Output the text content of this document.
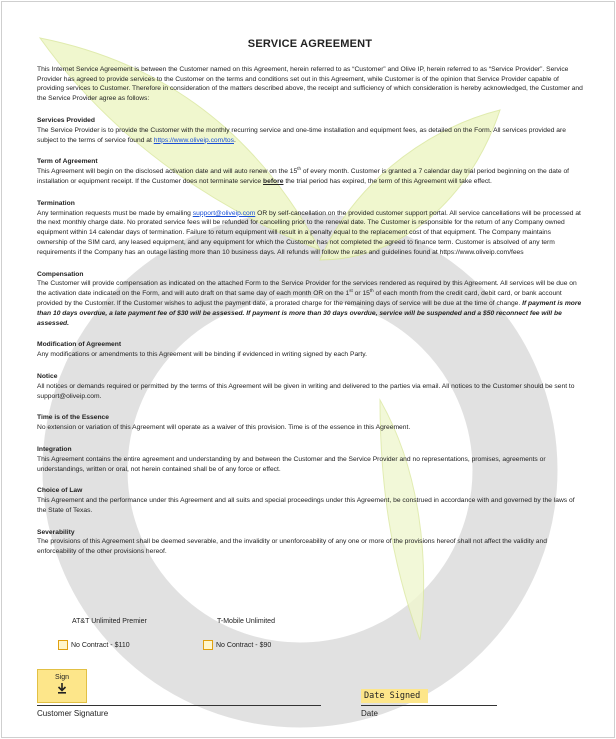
SERVICE AGREEMENT

This Internet Service Agreement is between the Customer named on this Agreement, herein referred to as “Customer” and Olive IP, herein referred to as “Service Provider”. Service Provider has agreed to provide services to the Customer on the terms and conditions set out in this Agreement, while Customer is of the opinion that Service Provider capable of providing services to Customer. Therefore in consideration of the matters described above, the receipt and sufficiency of which consideration is hereby acknowledged, the Customer and the Service Provider agree as follows:

Services Provided

The Service Provider is to provide the Customer with the monthly recurring service and one-time installation and equipment fees, as detailed on the Form. All services provided are subject to the terms of service found at https://www.oliveip.com/tos.

Term of Agreement

This Agreement will begin on the disclosed activation date and will auto renew on the 15th of every month. Customer is granted a 7 calendar day trial period beginning on the date of installation or equipment receipt. If the Customer does not terminate service before the trial period has expired, the term of this Agreement will take effect.

Termination

Any termination requests must be made by emailing support@oliveip.com OR by self-cancellation on the provided customer support portal. All service cancellations will be processed at the next monthly charge date. No prorated service fees will be refunded for cancelling prior to the renewal date. The Customer is responsible for the return of any Company owned equipment within 14 calendar days of termination. Failure to return equipment will result in a penalty equal to the replacement cost of that equipment. The Company maintains ownership of the SIM card, any leased equipment, and any equipment for which the Customer has not completed the agreed to finance term. Customer is absolved of any term requirements if the Company has an outage lasting more than 10 business days. All refunds will follow the rates and guidelines found at https://www.oliveip.com/fees

Compensation

The Customer will provide compensation as indicated on the attached Form to the Service Provider for the services rendered as required by this Agreement. All services will be due on the activation date indicated on the Form, and will auto draft on that same day of each month OR on the 1st or 15th of each month from the credit card, debit card, or bank account provided by the Customer. If the Customer wishes to adjust the payment date, a prorated charge for the remaining days of service will be due at the time of change. If payment is more than 10 days overdue, a late payment fee of $30 will be assessed. If payment is more than 30 days overdue, service will be suspended and a $50 reconnect fee will be assessed.

Modification of Agreement

Any modifications or amendments to this Agreement will be binding if evidenced in writing signed by each Party.

Notice

All notices or demands required or permitted by the terms of this Agreement will be given in writing and delivered to the parties via email. All notices to the Customer should be sent to support@oliveip.com.

Time is of the Essence

No extension or variation of this Agreement will operate as a waiver of this provision. Time is of the essence in this Agreement.

Integration

This Agreement contains the entire agreement and understanding by and between the Customer and the Service Provider and no representations, promises, agreements or understandings, written or oral, not herein contained shall be of any force or effect.

Choice of Law

This Agreement and the performance under this Agreement and all suits and special proceedings under this Agreement, be construed in accordance with and governed by the laws of the State of Texas.

Severability

The provisions of this Agreement shall be deemed severable, and the invalidity or unenforceability of any one or more of the provisions hereof shall not affect the validity and enforceability of the other provisions hereof.

AT&T Unlimited Premier	T-Mobile Unlimited
No Contract - $110	No Contract - $90
Sign
Customer Signature
Date Signed
Date
